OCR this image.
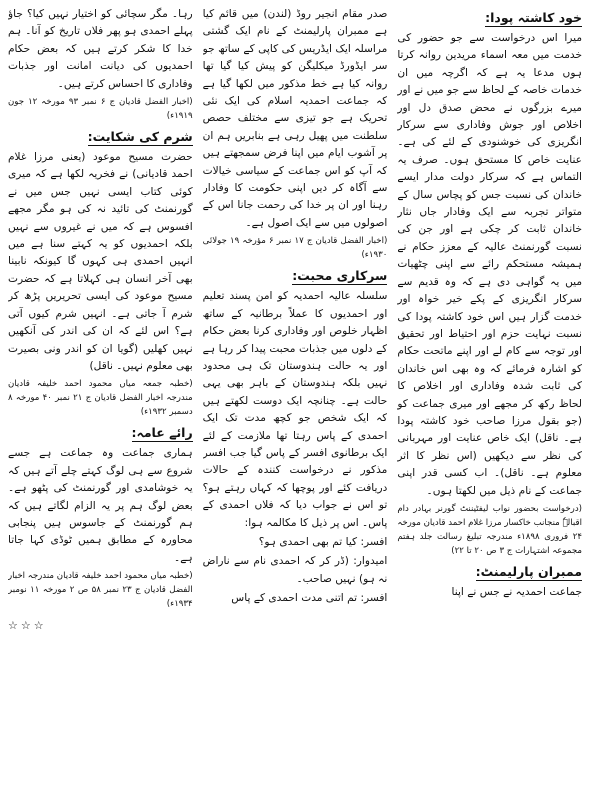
خود کاشتہ پودا:
میرا اس درخواست سے جو حضور کی خدمت میں معہ اسماء مریدین روانہ کرتا ہوں مدعا یہ ہے کہ اگرچہ میں ان خدمات خاصہ کے لحاظ سے جو میں نے اور میرے بزرگوں نے محض صدق دل اور اخلاص اور جوش وفاداری سے سرکار انگریزی کی خوشنودی کے لئے کی ہے۔ عنایت خاص کا مستحق ہوں۔ صرف یہ التماس ہے کہ سرکار دولت مدار ایسے خاندان کی نسبت جس کو پچاس سال کے متواتر تجربہ سے ایک وفادار جاں نثار خاندان ثابت کر چکی ہے اور جن کی نسبت گورنمنٹ عالیہ کے معزز حکام نے ہمیشہ مستحکم رائے سے اپنی چٹھیات میں یہ گواہی دی ہے کہ وہ قدیم سے سرکار انگریزی کے پکے خیر خواہ اور خدمت گزار ہیں اس خود کاشتہ پودا کی نسبت نہایت حزم اور احتیاط اور تحقیق اور توجہ سے کام لے اور اپنے ماتحت حکام کو اشارہ فرمائے کہ وہ بھی اس خاندان کی ثابت شدہ وفاداری اور اخلاص کا لحاظ رکھ کر مجھے اور میری جماعت کو (جو بقول مرزا صاحب خود کاشتہ پودا ہے۔ ناقل) ایک خاص عنایت اور مہربانی کی نظر سے دیکھیں (اس نظر کا اثر معلوم ہے۔ ناقل)۔ اب کسی قدر اپنی جماعت کے نام ذیل میں لکھتا ہوں۔
(درخواست بحضور نواب لیفٹیننٹ گورنر بہادر دام اقبالہٗ منجانب خاکسار مرزا غلام احمد قادیان مورخہ ۲۴ فروری ۱۸۹۸ء مندرجہ تبلیغ رسالت جلد ہفتم مجموعہ اشتہارات ج ۳ ص ۲۰ تا ۲۲)
ممبران پارلیمنٹ:
جماعت احمدیہ نے جس نے اپنا
صدر مقام انجیر روڈ (لندن) میں قائم کیا ہے ممبران پارلیمنٹ کے نام ایک گشتی مراسلہ ایک ایڈریس کی کاپی کے ساتھ جو سر ایڈورڈ میکلیگن کو پیش کیا گیا تھا روانہ کیا ہے خط مذکور میں لکھا گیا ہے کہ جماعت احمدیہ اسلام کی ایک نئی تحریک ہے جو تیزی سے مختلف حصص سلطنت میں پھیل رہی ہے بنابریں ہم ان پر آشوب ایام میں اپنا فرض سمجھتے ہیں کہ آپ کو اس جماعت کے سیاسی خیالات سے آگاہ کر دیں اپنی حکومت کا وفادار رہنا اور ان پر خدا کی رحمت جانا اس کے اصولوں میں سے ایک اصول ہے۔
(اخبار الفضل قادیان ج ۱۷ نمبر ۶ مؤرخہ ۱۹ جولائی ۱۹۳۰ء)
سرکاری محبت:
سلسلہ عالیہ احمدیہ کو امن پسند تعلیم اور احمدیوں کا عملاً برطانیہ کے ساتھ اظہار خلوص اور وفاداری کرنا بعض حکام کے دلوں میں جذبات محبت پیدا کر رہا ہے اور یہ حالت ہندوستان تک ہی محدود نہیں بلکہ ہندوستان کے باہر بھی یہی حالت ہے۔ چنانچہ ایک دوست لکھتے ہیں کہ ایک شخص جو کچھ مدت تک ایک احمدی کے پاس رہتا تھا ملازمت کے لئے ایک برطانوی افسر کے پاس گیا جب افسر مذکور نے درخواست کنندہ کے حالات دریافت کئے اور پوچھا کہ کہاں رہتے ہو؟ تو اس نے جواب دیا کہ فلاں احمدی کے پاس۔ اس پر ذیل کا مکالمہ ہوا:
افسر: کیا تم بھی احمدی ہو؟
امیدوار: (ڈر کر کہ احمدی نام سے ناراض نہ ہو) نہیں صاحب۔
افسر: تم اتنی مدت احمدی کے پاس
رہا۔ مگر سچائی کو اختیار نہیں کیا؟ جاؤ پہلے احمدی ہو پھر فلاں تاریخ کو آنا۔ ہم خدا کا شکر کرتے ہیں کہ بعض حکام احمدیوں کی دیانت امانت اور جذبات وفاداری کا احساس کرتے ہیں۔
(اخبار الفضل قادیان ج ۶ نمبر ۹۳ مورخہ ۱۲ جون ۱۹۱۹ء)
شرم کی شکایت:
حضرت مسیح موعود (یعنی مرزا غلام احمد قادیانی) نے فخریہ لکھا ہے کہ میری کوئی کتاب ایسی نہیں جس میں نے گورنمنٹ کی تائید نہ کی ہو مگر مجھے افسوس ہے کہ میں نے غیروں سے نہیں بلکہ احمدیوں کو یہ کہتے سنا ہے میں انہیں احمدی ہی کہوں گا کیونکہ نابینا بھی آخر انسان ہی کہلاتا ہے کہ حضرت مسیح موعود کی ایسی تحریریں پڑھ کر شرم آ جاتی ہے۔ انہیں شرم کیوں آتی ہے؟ اس لئے کہ ان کی اندر کی آنکھیں نہیں کھلیں (گویا ان کو اندر ونی بصیرت بھی معلوم نہیں۔ ناقل)
(خطبہ جمعہ میاں محمود احمد خلیفہ قادیان مندرجہ اخبار الفضل قادیان ج ۲۱ نمبر ۴۰ مورخہ ۸ دسمبر ۱۹۳۲ء)
رائے عامہ:
ہماری جماعت وہ جماعت ہے جسے شروع سے ہی لوگ کہتے چلے آتے ہیں کہ یہ خوشامدی اور گورنمنٹ کی پٹھو ہے۔ بعض لوگ ہم پر یہ الزام لگاتے ہیں کہ ہم گورنمنٹ کے جاسوس ہیں پنجابی محاورہ کے مطابق ہمیں ٹوڈی کہا جاتا ہے۔
(خطبہ میاں محمود احمد خلیفہ قادیان مندرجہ اخبار الفضل قادیان ج ۲۳ نمبر ۵۸ ص ۲ مورخہ ۱۱ نومبر ۱۹۳۴ء)
☆☆☆
